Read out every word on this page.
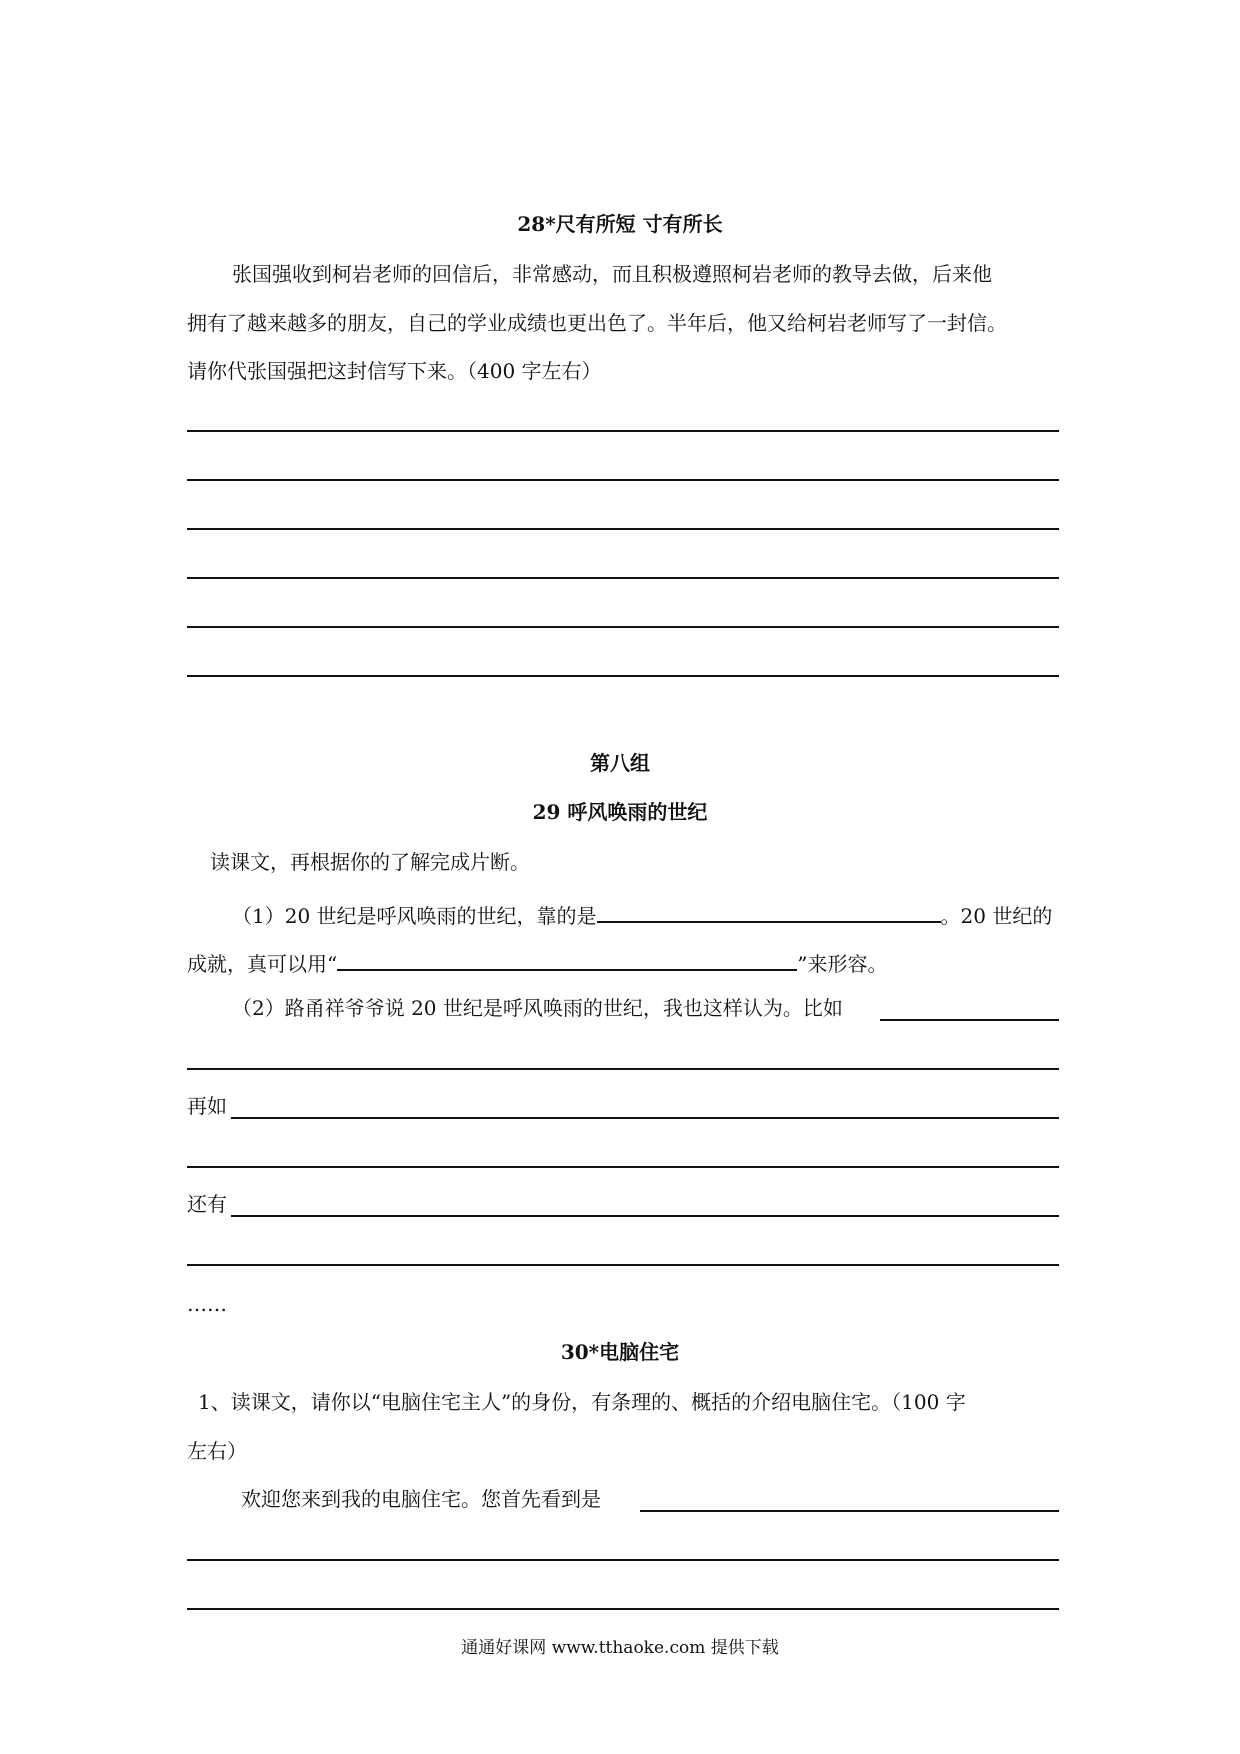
28*尺有所短 寸有所长
张国强收到柯岩老师的回信后，非常感动，而且积极遵照柯岩老师的教导去做，后来他
拥有了越来越多的朋友，自己的学业成绩也更出色了。半年后，他又给柯岩老师写了一封信。
请你代张国强把这封信写下来。（400 字左右）
第八组
29 呼风唤雨的世纪
读课文，再根据你的了解完成片断。
（1）20 世纪是呼风唤雨的世纪，靠的是	。20 世纪的
成就，真可以用“	”来形容。
（2）路甬祥爷爷说 20 世纪是呼风唤雨的世纪，我也这样认为。比如
再如
还有
……
30*电脑住宅
1、读课文，请你以“电脑住宅主人”的身份，有条理的、概括的介绍电脑住宅。（100 字
左右）
欢迎您来到我的电脑住宅。您首先看到是
通通好课网 www.tthaoke.com 提供下载
